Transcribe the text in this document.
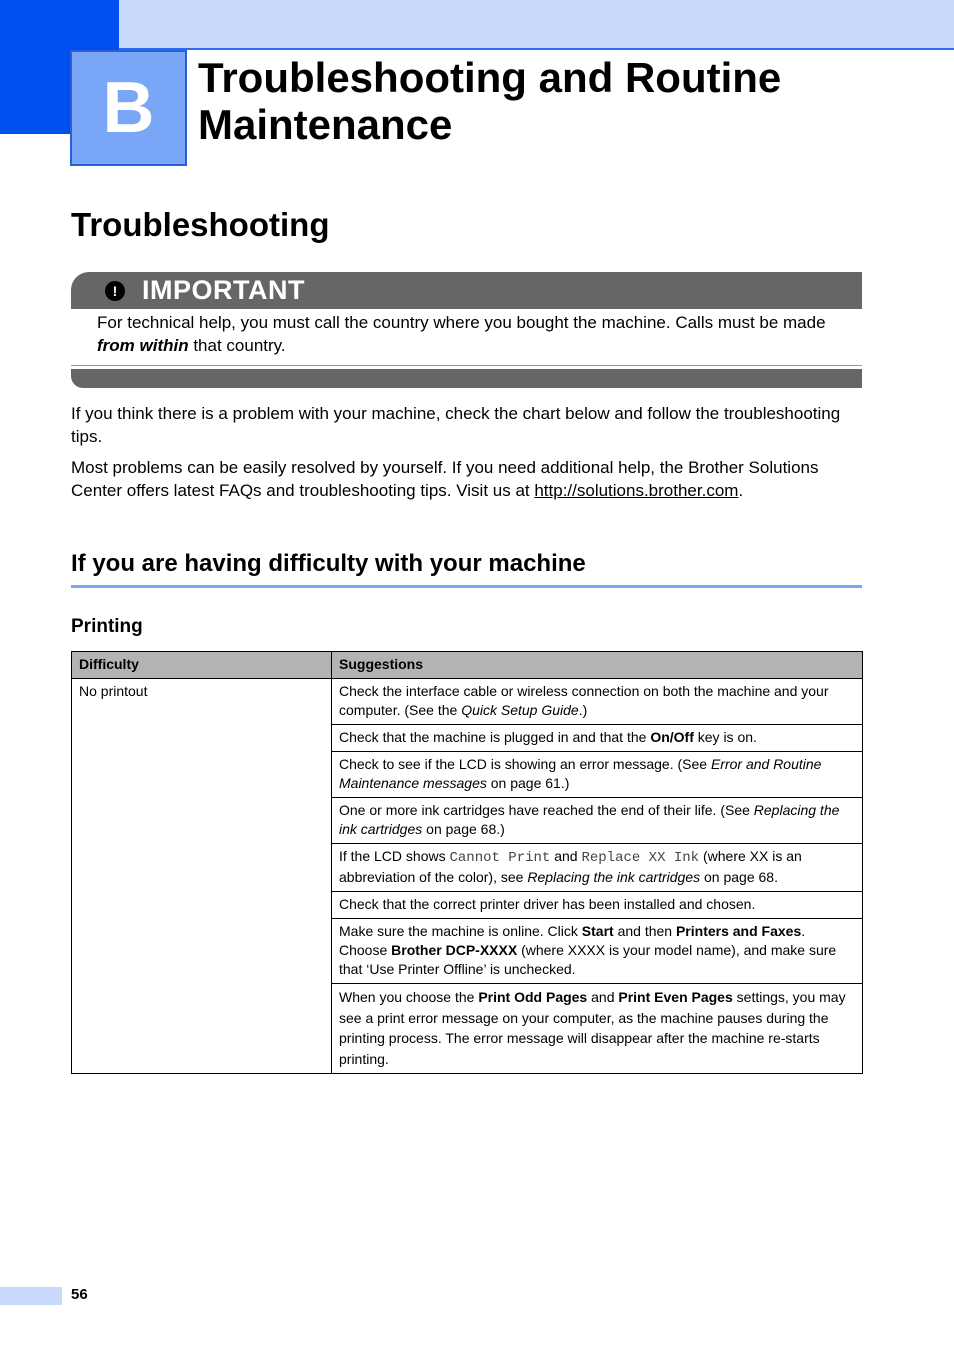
B	Troubleshooting and Routine Maintenance
Troubleshooting
! IMPORTANT

For technical help, you must call the country where you bought the machine. Calls must be made from within that country.

If you think there is a problem with your machine, check the chart below and follow the troubleshooting tips.

Most problems can be easily resolved by yourself. If you need additional help, the Brother Solutions Center offers latest FAQs and troubleshooting tips. Visit us at http://solutions.brother.com.

If you are having difficulty with your machine
Printing
Difficulty	Suggestions
No printout	Check the interface cable or wireless connection on both the machine and your computer. (See the Quick Setup Guide.)
	Check that the machine is plugged in and that the On/Off key is on.
	Check to see if the LCD is showing an error message. (See Error and Routine Maintenance messages on page 61.)
	One or more ink cartridges have reached the end of their life. (See Replacing the ink cartridges on page 68.)
	If the LCD shows Cannot Print and Replace XX Ink (where XX is an abbreviation of the color), see Replacing the ink cartridges on page 68.
	Check that the correct printer driver has been installed and chosen.
	Make sure the machine is online. Click Start and then Printers and Faxes. Choose Brother DCP-XXXX (where XXXX is your model name), and make sure that ‘Use Printer Offline’ is unchecked.
	When you choose the Print Odd Pages and Print Even Pages settings, you may see a print error message on your computer, as the machine pauses during the printing process. The error message will disappear after the machine re-starts printing.
56
